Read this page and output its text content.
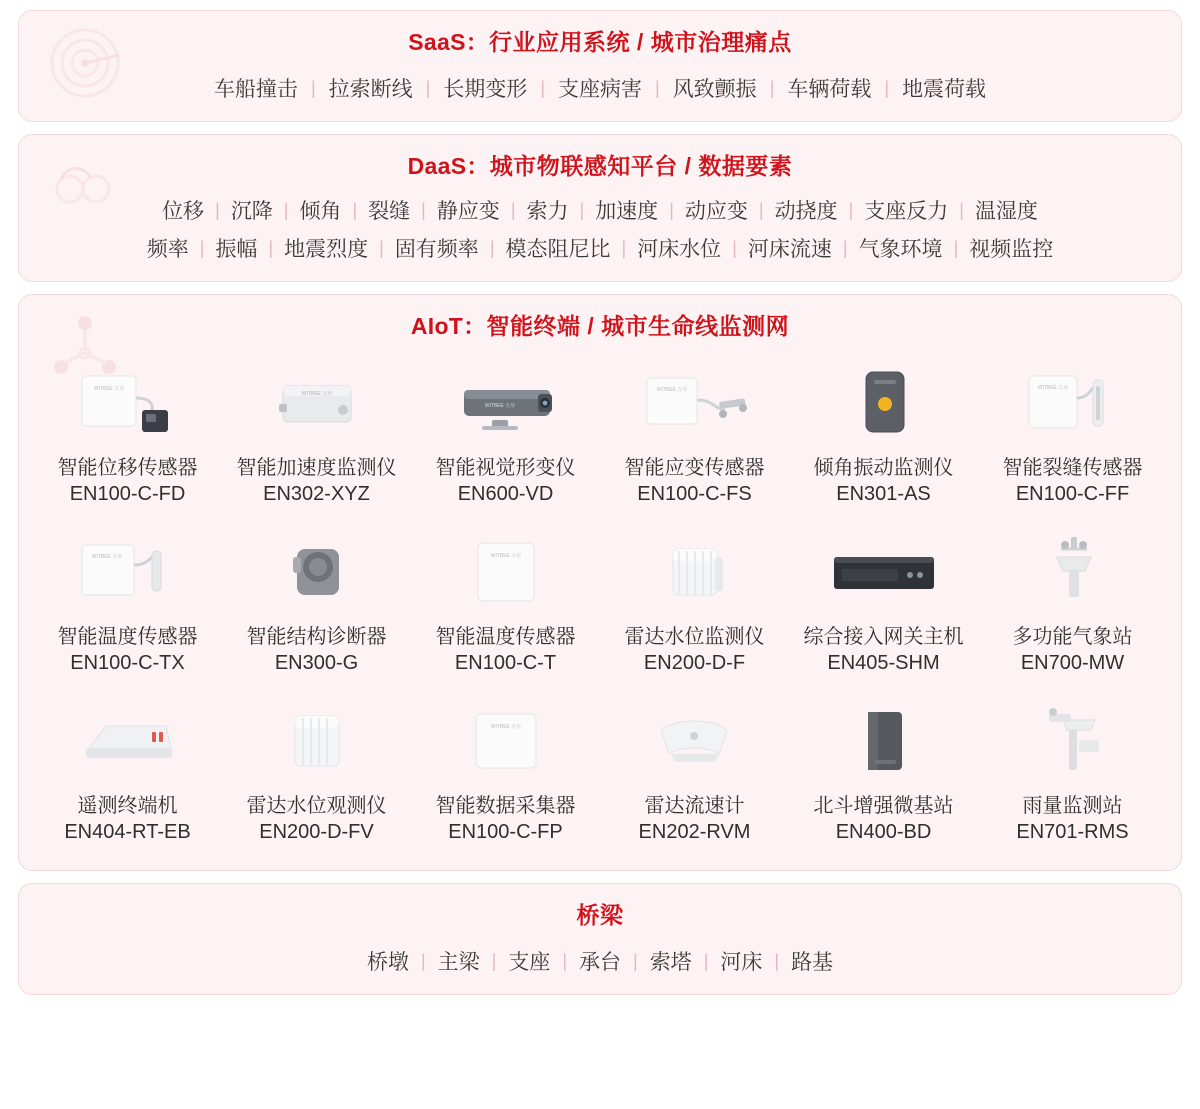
SaaS：行业应用系统 / 城市治理痛点
车船撞击 | 拉索断线 | 长期变形 | 支座病害 | 风致颤振 | 车辆荷载 | 地震荷载
DaaS：城市物联感知平台 / 数据要素
位移 | 沉降 | 倾角 | 裂缝 | 静应变 | 索力 | 加速度 | 动应变 | 动挠度 | 支座反力 | 温湿度
频率 | 振幅 | 地震烈度 | 固有频率 | 模态阻尼比 | 河床水位 | 河床流速 | 气象环境 | 视频监控
AIoT：智能终端 / 城市生命线监测网
WITBEE 万应
智能位移传感器
EN100-C-FD
WITBEE 万应
智能加速度监测仪
EN302-XYZ
WITBEE 万应
智能视觉形变仪
EN600-VD
WITBEE 万应
智能应变传感器
EN100-C-FS
倾角振动监测仪
EN301-AS
WITBEE 万应
智能裂缝传感器
EN100-C-FF
WITBEE 万应
智能温度传感器
EN100-C-TX
智能结构诊断器
EN300-G
WITBEE 万应
智能温度传感器
EN100-C-T
雷达水位监测仪
EN200-D-F
综合接入网关主机
EN405-SHM
多功能气象站
EN700-MW
遥测终端机
EN404-RT-EB
雷达水位观测仪
EN200-D-FV
WITBEE 万应
智能数据采集器
EN100-C-FP
雷达流速计
EN202-RVM
北斗增强微基站
EN400-BD
雨量监测站
EN701-RMS
桥梁
桥墩 | 主梁 | 支座 | 承台 | 索塔 | 河床 | 路基
